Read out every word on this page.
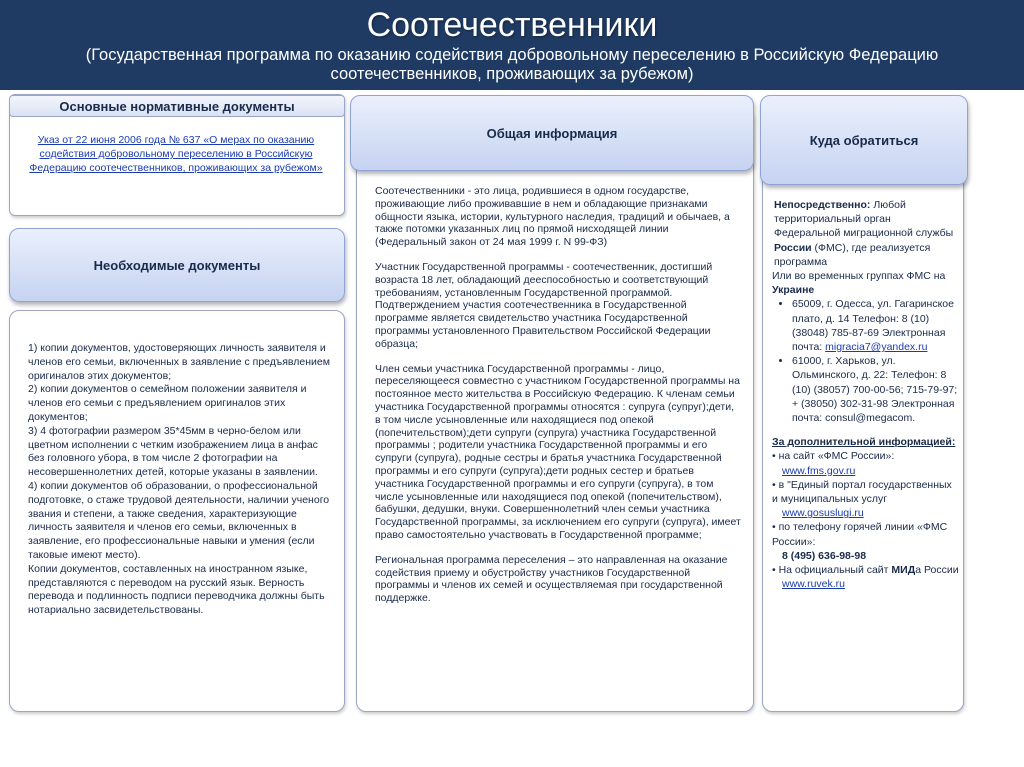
Соотечественники
(Государственная программа по оказанию содействия добровольному переселению в Российскую Федерацию соотечественников, проживающих за рубежом)
Основные нормативные документы
Указ от 22 июня 2006 года № 637 «О мерах по оказанию содействия добровольному переселению в Российскую Федерацию соотечественников, проживающих за рубежом»
Необходимые документы

1) копии документов, удостоверяющих личность заявителя и членов его семьи, включенных в заявление с предъявлением оригиналов этих документов;

2) копии документов о семейном положении заявителя и членов его семьи с предъявлением оригиналов этих документов;

3) 4 фотографии размером 35*45мм в черно-белом или цветном исполнении с четким изображением лица в анфас без головного убора, в том числе 2 фотографии на несовершеннолетних детей, которые указаны в заявлении.

4) копии документов об образовании, о профессиональной подготовке, о стаже трудовой деятельности, наличии ученого звания и степени, а также сведения, характеризующие личность заявителя и членов его семьи, включенных в заявление, его профессиональные навыки и умения (если таковые имеют место).

Копии документов, составленных на иностранном языке, представляются с переводом на русский язык. Верность перевода и подлинность подписи переводчика должны быть нотариально засвидетельствованы.

Общая информация

Соотечественники - это лица, родившиеся в одном государстве, проживающие либо проживавшие в нем и обладающие признаками общности языка, истории, культурного наследия, традиций и обычаев, а также потомки указанных лиц по прямой нисходящей линии (Федеральный закон от 24 мая 1999 г. N 99-ФЗ)

Участник Государственной программы - соотечественник, достигший возраста 18 лет, обладающий дееспособностью и соответствующий требованиям, установленным Государственной программой. Подтверждением участия соотечественника в Государственной программе является свидетельство участника Государственной программы установленного Правительством Российской Федерации образца;

Член семьи участника Государственной программы - лицо, переселяющееся совместно с участником Государственной программы на постоянное место жительства в Российскую Федерацию. К членам семьи участника Государственной программы относятся : супруга (супруг);дети, в том числе усыновленные или находящиеся под опекой (попечительством);дети супруги (супруга) участника Государственной программы ; родители участника Государственной программы и его супруги (супруга), родные сестры и братья участника Государственной программы и его супруги (супруга);дети родных сестер и братьев участника Государственной программы и его супруги (супруга), в том числе усыновленные или находящиеся под опекой (попечительством), бабушки, дедушки, внуки. Совершеннолетний член семьи участника Государственной программы, за исключением его супруги (супруга), имеет право самостоятельно участвовать в Государственной программе;

Региональная программа переселения – это направленная на оказание содействия приему и обустройству участников Государственной программы и членов их семей и осуществляемая при государственной поддержке.

Куда обратиться
Непосредственно: Любой территориальный орган Федеральной миграционной службы России (ФМС), где реализуется программа
Или во временных группах ФМС на Украине
• 65009, г. Одесса, ул. Гагаринское плато, д. 14 Телефон: 8 (10) (38048) 785-87-69 Электронная почта: migracia7@yandex.ru
• 61000, г. Харьков, ул. Ольминского, д. 22: Телефон: 8 (10) (38057) 700-00-56; 715-79-97; + (38050) 302-31-98 Электронная почта: consul@megacom.
За дополнительной информацией:
• на сайт «ФМС России»:
www.fms.gov.ru
• в "Единый портал государственных и муниципальных услуг
www.gosuslugi.ru
• по телефону горячей линии «ФМС России»:
8 (495) 636-98-98
• На официальный сайт МИДа России
www.ruvek.ru
